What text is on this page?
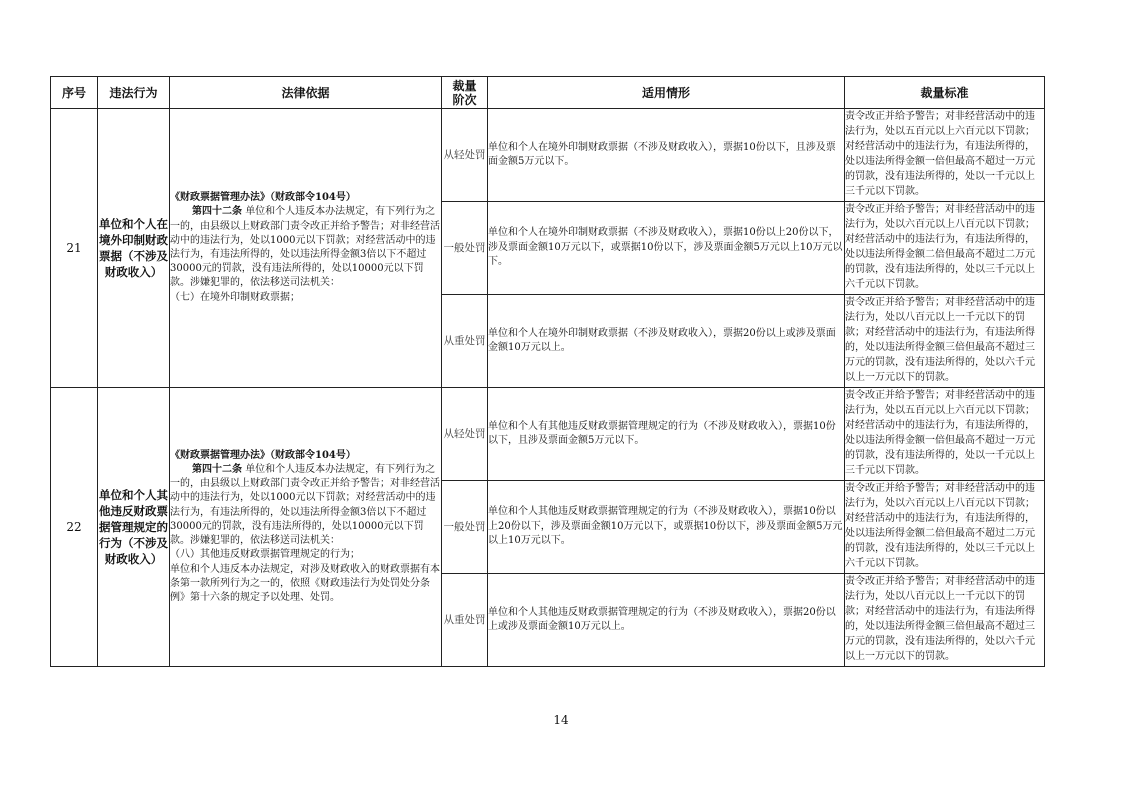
序号	违法行为	法律依据	裁量阶次	适用情形	裁量标准
21	单位和个人在境外印制财政票据（不涉及财政收入）	《财政票据管理办法》（财政部令104号）
第四十二条 单位和个人违反本办法规定，有下列行为之一的，由县级以上财政部门责令改正并给予警告；对非经营活动中的违法行为，处以1000元以下罚款；对经营活动中的违法行为，有违法所得的，处以违法所得金额3倍以下不超过30000元的罚款，没有违法所得的，处以10000元以下罚款。涉嫌犯罪的，依法移送司法机关：
（七）在境外印制财政票据；	从轻处罚	单位和个人在境外印制财政票据（不涉及财政收入），票据10份以下，且涉及票面金额5万元以下。	责令改正并给予警告；对非经营活动中的违法行为，处以五百元以上六百元以下罚款；对经营活动中的违法行为，有违法所得的，处以违法所得金额一倍但最高不超过一万元的罚款，没有违法所得的，处以一千元以上三千元以下罚款。
			一般处罚	单位和个人在境外印制财政票据（不涉及财政收入），票据10份以上20份以下，涉及票面金额10万元以下，或票据10份以下，涉及票面金额5万元以上10万元以下。	责令改正并给予警告；对非经营活动中的违法行为，处以六百元以上八百元以下罚款；对经营活动中的违法行为，有违法所得的，处以违法所得金额二倍但最高不超过二万元的罚款，没有违法所得的，处以三千元以上六千元以下罚款。
			从重处罚	单位和个人在境外印制财政票据（不涉及财政收入），票据20份以上或涉及票面金额10万元以上。	责令改正并给予警告；对非经营活动中的违法行为，处以八百元以上一千元以下的罚款；对经营活动中的违法行为，有违法所得的，处以违法所得金额三倍但最高不超过三万元的罚款，没有违法所得的，处以六千元以上一万元以下的罚款。
22	单位和个人其他违反财政票据管理规定的行为（不涉及财政收入）	《财政票据管理办法》（财政部令104号）
第四十二条 单位和个人违反本办法规定，有下列行为之一的，由县级以上财政部门责令改正并给予警告；对非经营活动中的违法行为，处以1000元以下罚款；对经营活动中的违法行为，有违法所得的，处以违法所得金额3倍以下不超过30000元的罚款，没有违法所得的，处以10000元以下罚款。涉嫌犯罪的，依法移送司法机关：
（八）其他违反财政票据管理规定的行为；
单位和个人违反本办法规定，对涉及财政收入的财政票据有本条第一款所列行为之一的，依照《财政违法行为处罚处分条例》第十六条的规定予以处理、处罚。	从轻处罚	单位和个人有其他违反财政票据管理规定的行为（不涉及财政收入），票据10份以下，且涉及票面金额5万元以下。	责令改正并给予警告；对非经营活动中的违法行为，处以五百元以上六百元以下罚款；对经营活动中的违法行为，有违法所得的，处以违法所得金额一倍但最高不超过一万元的罚款，没有违法所得的，处以一千元以上三千元以下罚款。
			一般处罚	单位和个人其他违反财政票据管理规定的行为（不涉及财政收入），票据10份以上20份以下，涉及票面金额10万元以下，或票据10份以下，涉及票面金额5万元以上10万元以下。	责令改正并给予警告；对非经营活动中的违法行为，处以六百元以上八百元以下罚款；对经营活动中的违法行为，有违法所得的，处以违法所得金额二倍但最高不超过二万元的罚款，没有违法所得的，处以三千元以上六千元以下罚款。
			从重处罚	单位和个人其他违反财政票据管理规定的行为（不涉及财政收入），票据20份以上或涉及票面金额10万元以上。	责令改正并给予警告；对非经营活动中的违法行为，处以八百元以上一千元以下的罚款；对经营活动中的违法行为，有违法所得的，处以违法所得金额三倍但最高不超过三万元的罚款，没有违法所得的，处以六千元以上一万元以下的罚款。
14
